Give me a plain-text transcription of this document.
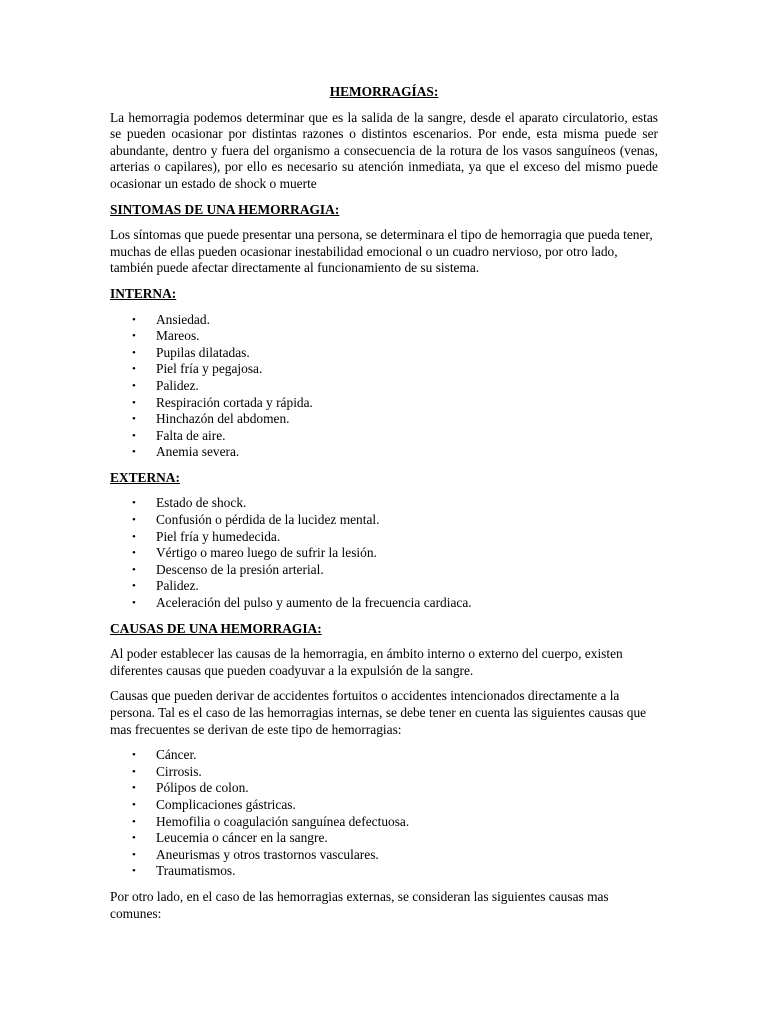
HEMORRAGÍAS:

La hemorragia podemos determinar que es la salida de la sangre, desde el aparato circulatorio, estas se pueden ocasionar por distintas razones o distintos escenarios. Por ende, esta misma puede ser abundante, dentro y fuera del organismo a consecuencia de la rotura de los vasos sanguíneos (venas, arterias o capilares), por ello es necesario su atención inmediata, ya que el exceso del mismo puede ocasionar un estado de shock o muerte

SINTOMAS DE UNA HEMORRAGIA:

Los síntomas que puede presentar una persona, se determinara el tipo de hemorragia que pueda tener, muchas de ellas pueden ocasionar inestabilidad emocional o un cuadro nervioso, por otro lado, también puede afectar directamente al funcionamiento de su sistema.

INTERNA:
• Ansiedad.
• Mareos.
• Pupilas dilatadas.
• Piel fría y pegajosa.
• Palidez.
• Respiración cortada y rápida.
• Hinchazón del abdomen.
• Falta de aire.
• Anemia severa.
EXTERNA:
• Estado de shock.
• Confusión o pérdida de la lucidez mental.
• Piel fría y humedecida.
• Vértigo o mareo luego de sufrir la lesión.
• Descenso de la presión arterial.
• Palidez.
• Aceleración del pulso y aumento de la frecuencia cardiaca.
CAUSAS DE UNA HEMORRAGIA:

Al poder establecer las causas de la hemorragia, en ámbito interno o externo del cuerpo, existen diferentes causas que pueden coadyuvar a la expulsión de la sangre.

Causas que pueden derivar de accidentes fortuitos o accidentes intencionados directamente a la persona. Tal es el caso de las hemorragias internas, se debe tener en cuenta las siguientes causas que mas frecuentes se derivan de este tipo de hemorragias:

• Cáncer.
• Cirrosis.
• Pólipos de colon.
• Complicaciones gástricas.
• Hemofilia o coagulación sanguínea defectuosa.
• Leucemia o cáncer en la sangre.
• Aneurismas y otros trastornos vasculares.
• Traumatismos.

Por otro lado, en el caso de las hemorragias externas, se consideran las siguientes causas mas comunes:
